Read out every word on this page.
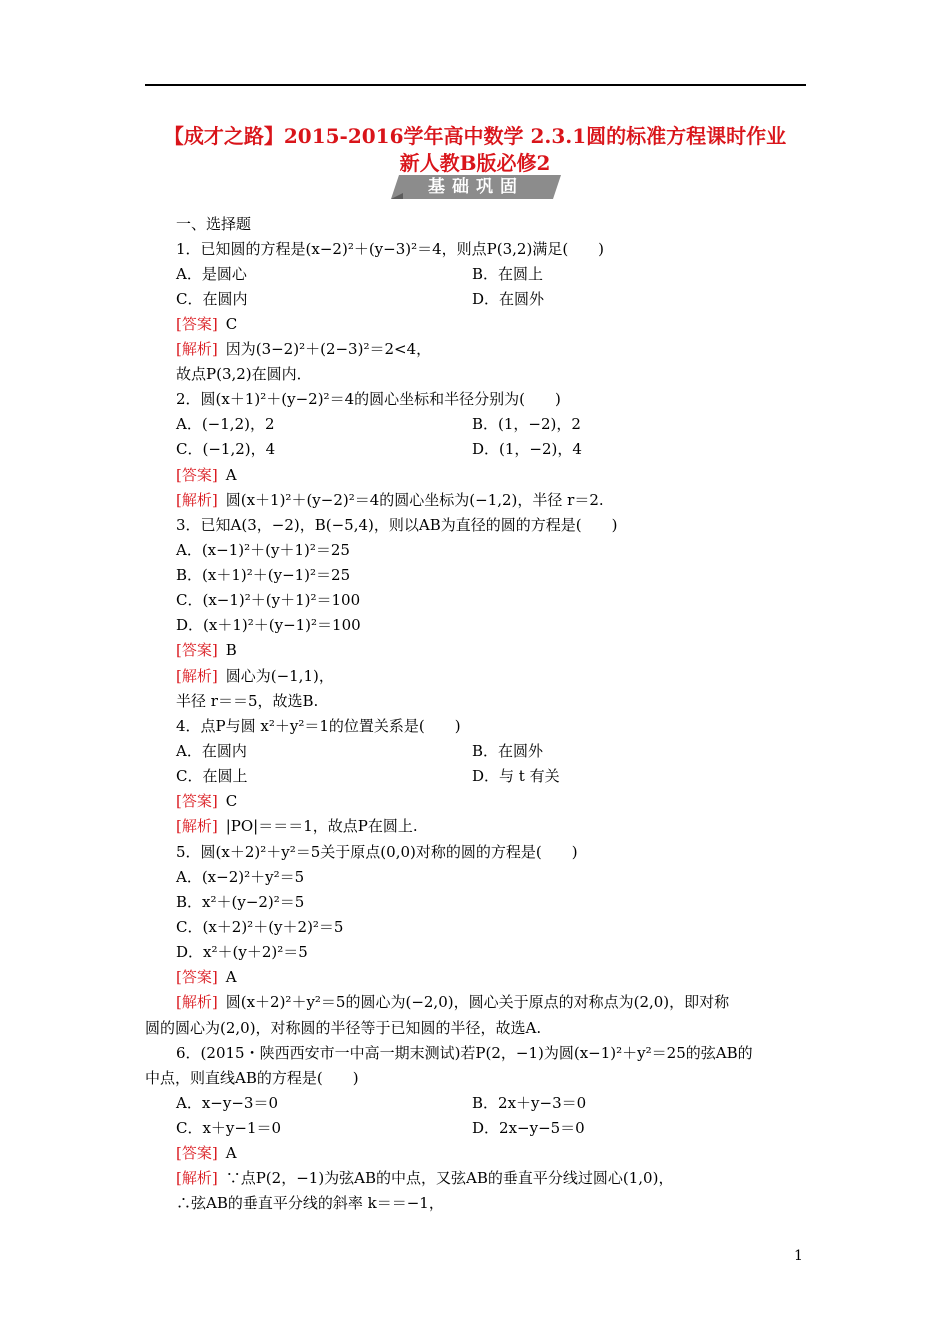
【成才之路】2015-2016学年高中数学 2.3.1圆的标准方程课时作业
新人教B版必修2
基础巩固
一、选择题
1．已知圆的方程是(x−2)²＋(y−3)²＝4，则点P(3,2)满足(　　)
A．是圆心	B．在圆上
C．在圆内	D．在圆外
[答案] C
[解析] 因为(3−2)²＋(2−3)²＝2<4，
故点P(3,2)在圆内．
2．圆(x＋1)²＋(y−2)²＝4的圆心坐标和半径分别为(　　)
A．(−1,2)，2	B．(1，−2)，2
C．(−1,2)，4	D．(1，−2)，4
[答案] A
[解析] 圆(x＋1)²＋(y−2)²＝4的圆心坐标为(−1,2)，半径 r＝2.
3．已知A(3，−2)，B(−5,4)，则以AB为直径的圆的方程是(　　)
A．(x−1)²＋(y＋1)²＝25
B．(x＋1)²＋(y−1)²＝25
C．(x−1)²＋(y＋1)²＝100
D．(x＋1)²＋(y−1)²＝100
[答案] B
[解析] 圆心为(−1,1)，
半径 r＝＝5，故选B.
4．点P与圆 x²＋y²＝1的位置关系是(　　)
A．在圆内	B．在圆外
C．在圆上	D．与 t 有关
[答案] C
[解析] |PO|＝＝＝1，故点P在圆上.
5．圆(x＋2)²＋y²＝5关于原点(0,0)对称的圆的方程是(　　)
A．(x−2)²＋y²＝5
B．x²＋(y−2)²＝5
C．(x＋2)²＋(y＋2)²＝5
D．x²＋(y＋2)²＝5
[答案] A
[解析] 圆(x＋2)²＋y²＝5的圆心为(−2,0)，圆心关于原点的对称点为(2,0)，即对称
圆的圆心为(2,0)，对称圆的半径等于已知圆的半径，故选A.
6．(2015・陕西西安市一中高一期末测试)若P(2，−1)为圆(x−1)²＋y²＝25的弦AB的
中点，则直线AB的方程是(　　)
A．x−y−3＝0	B．2x＋y−3＝0
C．x＋y−1＝0	D．2x−y−5＝0
[答案] A
[解析] ∵点P(2，−1)为弦AB的中点，又弦AB的垂直平分线过圆心(1,0)，
∴弦AB的垂直平分线的斜率 k＝＝−1，
1
